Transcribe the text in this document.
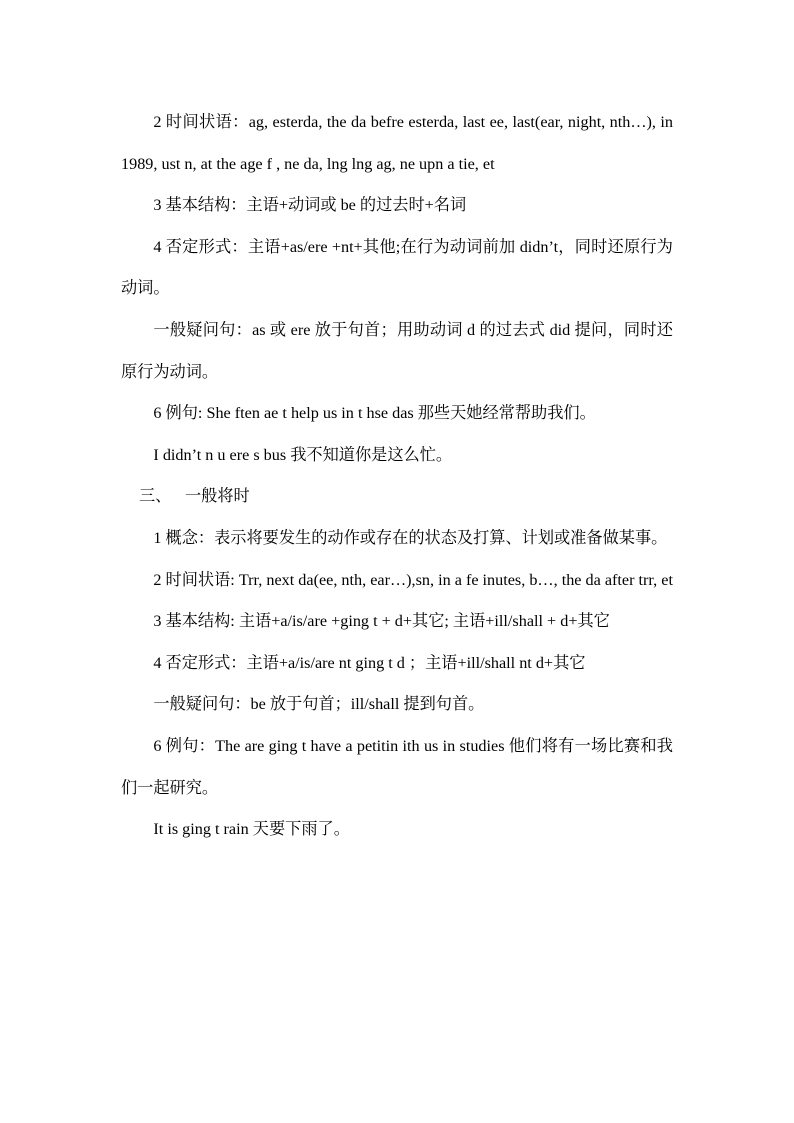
2 时间状语：ag, esterda, the da befre esterda, last ee, last(ear, night, nth…), in 1989, ust n, at the age f , ne da, lng lng ag, ne upn a tie, et

3 基本结构：主语+动词或 be 的过去时+名词

4 否定形式：主语+as/ere +nt+其他;在行为动词前加 didn’t，同时还原行为动词。

一般疑问句：as 或 ere 放于句首；用助动词 d 的过去式 did 提问，同时还原行为动词。

6 例句: She ften ae t help us in t hse das 那些天她经常帮助我们。

I didn’t n u ere s bus 我不知道你是这么忙。

三、 一般将时

1 概念：表示将要发生的动作或存在的状态及打算、计划或准备做某事。

2 时间状语: Trr, next da(ee, nth, ear…),sn, in a fe inutes, b…, the da after trr, et

3 基本结构: 主语+a/is/are +ging t + d+其它; 主语+ill/shall + d+其它

4 否定形式：主语+a/is/are nt ging t d ；主语+ill/shall nt d+其它

一般疑问句：be 放于句首；ill/shall 提到句首。

6 例句：The are ging t have a petitin ith us in studies 他们将有一场比赛和我们一起研究。

It is ging t rain 天要下雨了。
